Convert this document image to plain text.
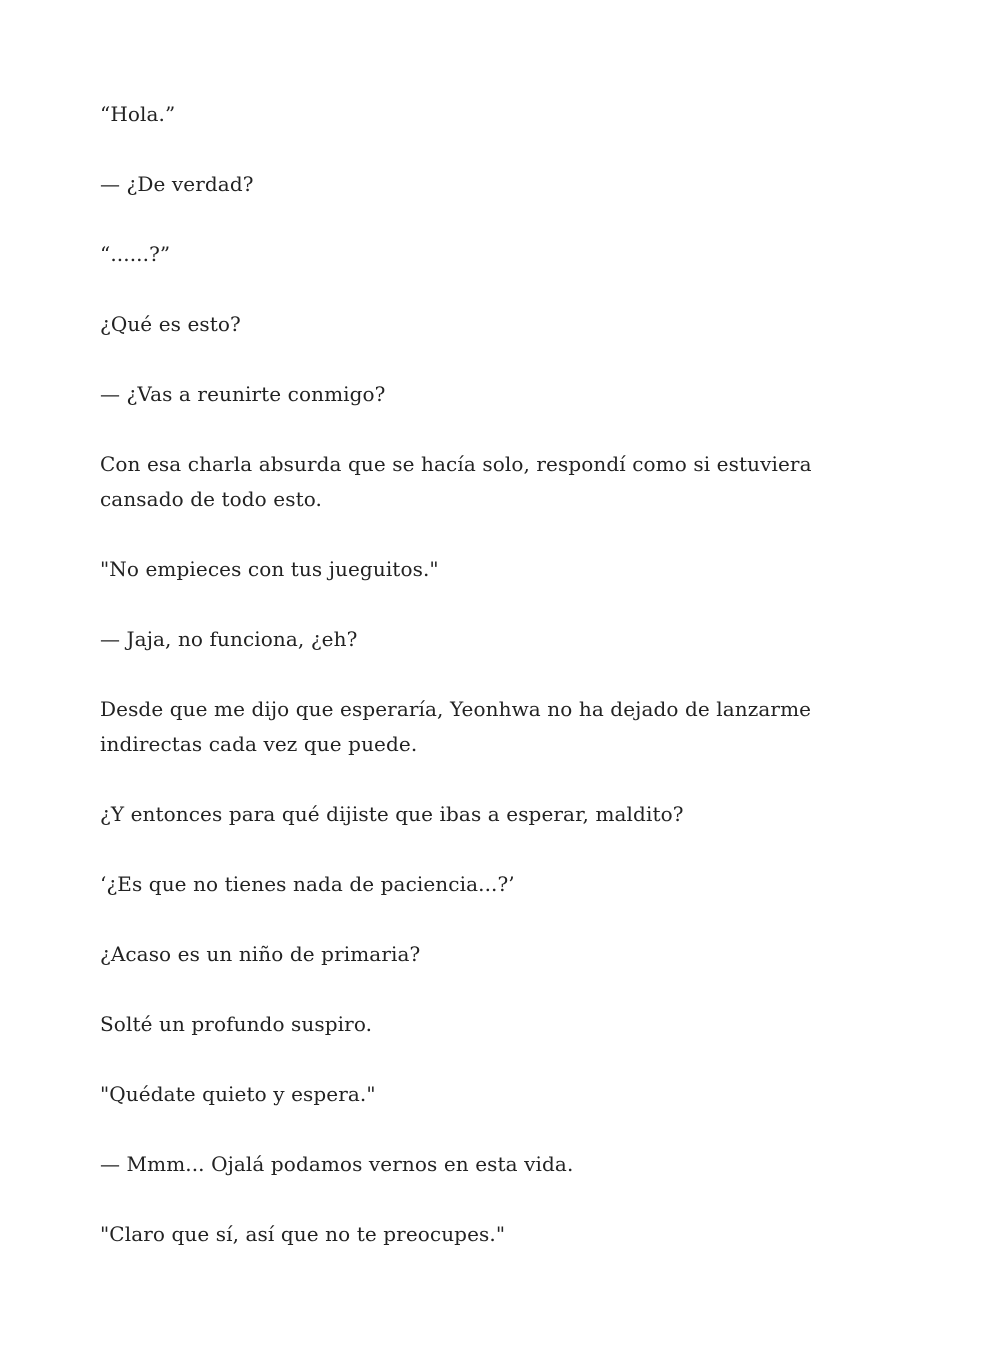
“Hola.”

— ¿De verdad?

“......?”

¿Qué es esto?

— ¿Vas a reunirte conmigo?

Con esa charla absurda que se hacía solo, respondí como si estuviera cansado de todo esto.

"No empieces con tus jueguitos."

— Jaja, no funciona, ¿eh?

Desde que me dijo que esperaría, Yeonhwa no ha dejado de lanzarme indirectas cada vez que puede.

¿Y entonces para qué dijiste que ibas a esperar, maldito?

‘¿Es que no tienes nada de paciencia...?’

¿Acaso es un niño de primaria?

Solté un profundo suspiro.

"Quédate quieto y espera."

— Mmm... Ojalá podamos vernos en esta vida.

"Claro que sí, así que no te preocupes."
